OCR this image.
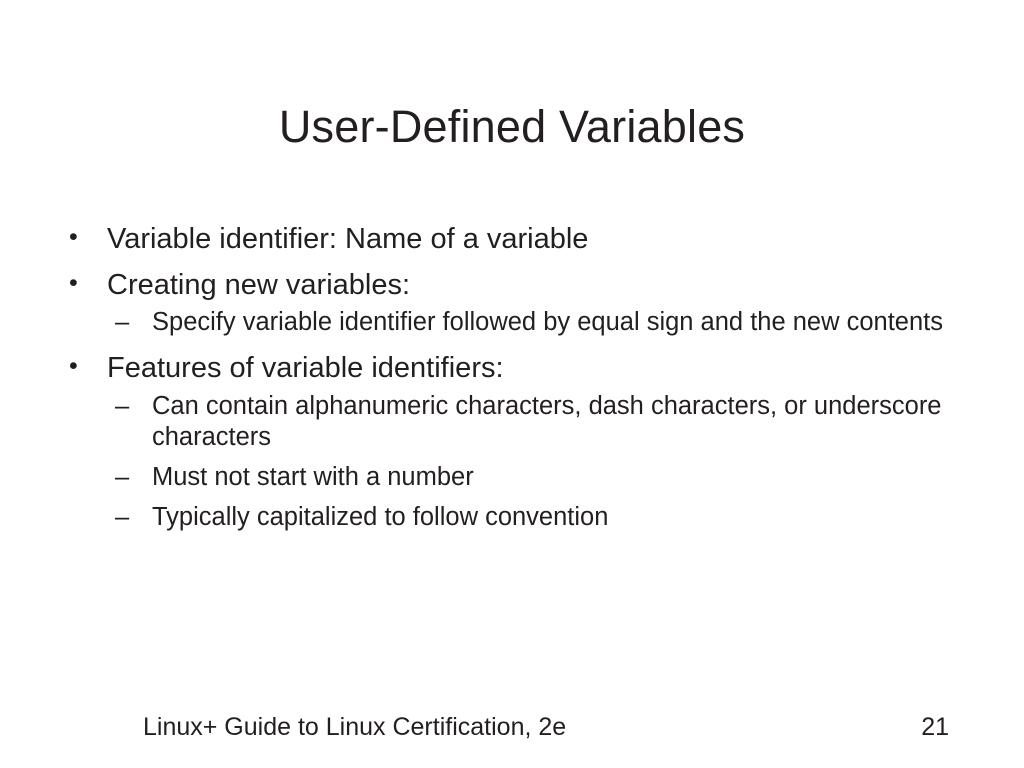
User-Defined Variables
• Variable identifier: Name of a variable
• Creating new variables:
– Specify variable identifier followed by equal sign and the new contents
• Features of variable identifiers:
– Can contain alphanumeric characters, dash characters, or underscore characters
– Must not start with a number
– Typically capitalized to follow convention
Linux+ Guide to Linux Certification, 2e	21
